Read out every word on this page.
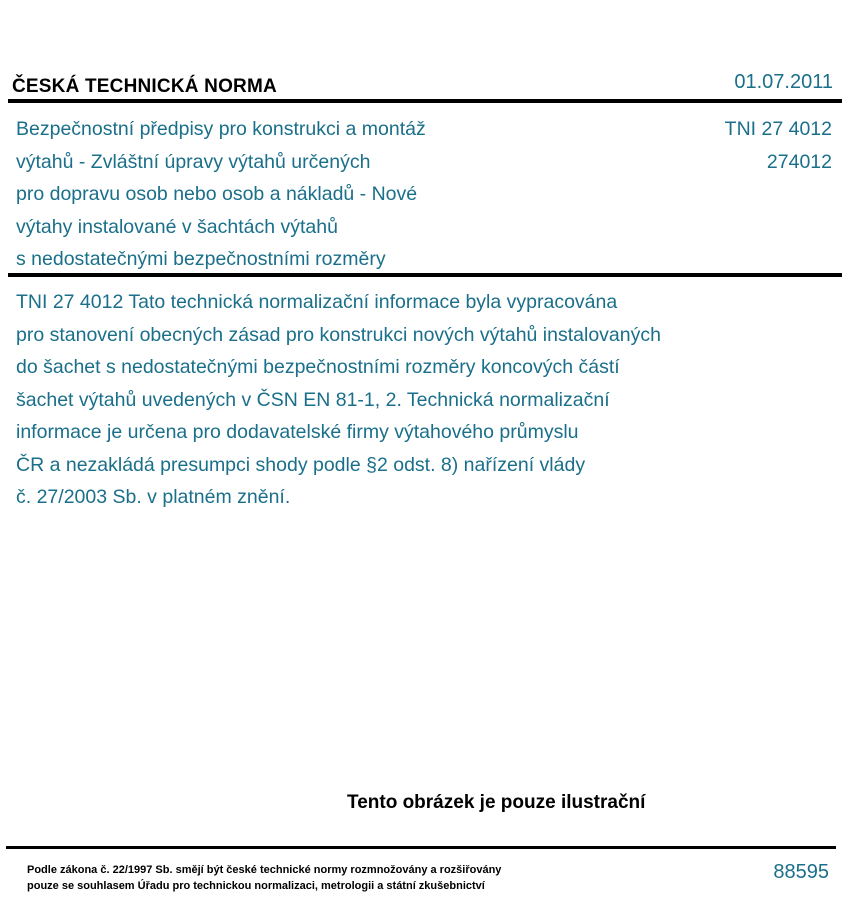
ČESKÁ TECHNICKÁ NORMA	01.07.2011
Bezpečnostní předpisy pro konstrukci a montáž
výtahů - Zvláštní úpravy výtahů určených
pro dopravu osob nebo osob a nákladů - Nové
výtahy instalované v šachtách výtahů
s nedostatečnými bezpečnostními rozměry
TNI 27 4012
274012
TNI 27 4012 Tato technická normalizační informace byla vypracována
pro stanovení obecných zásad pro konstrukci nových výtahů instalovaných
do šachet s nedostatečnými bezpečnostními rozměry koncových částí
šachet výtahů uvedených v ČSN EN 81-1, 2. Technická normalizační
informace je určena pro dodavatelské firmy výtahového průmyslu
ČR a nezakládá presumpci shody podle §2 odst. 8) nařízení vlády
č. 27/2003 Sb. v platném znění.
Tento obrázek je pouze ilustrační
Podle zákona č. 22/1997 Sb. smějí být české technické normy rozmnožovány a rozšiřovány
pouze se souhlasem Úřadu pro technickou normalizaci, metrologii a státní zkušebnictví
88595
